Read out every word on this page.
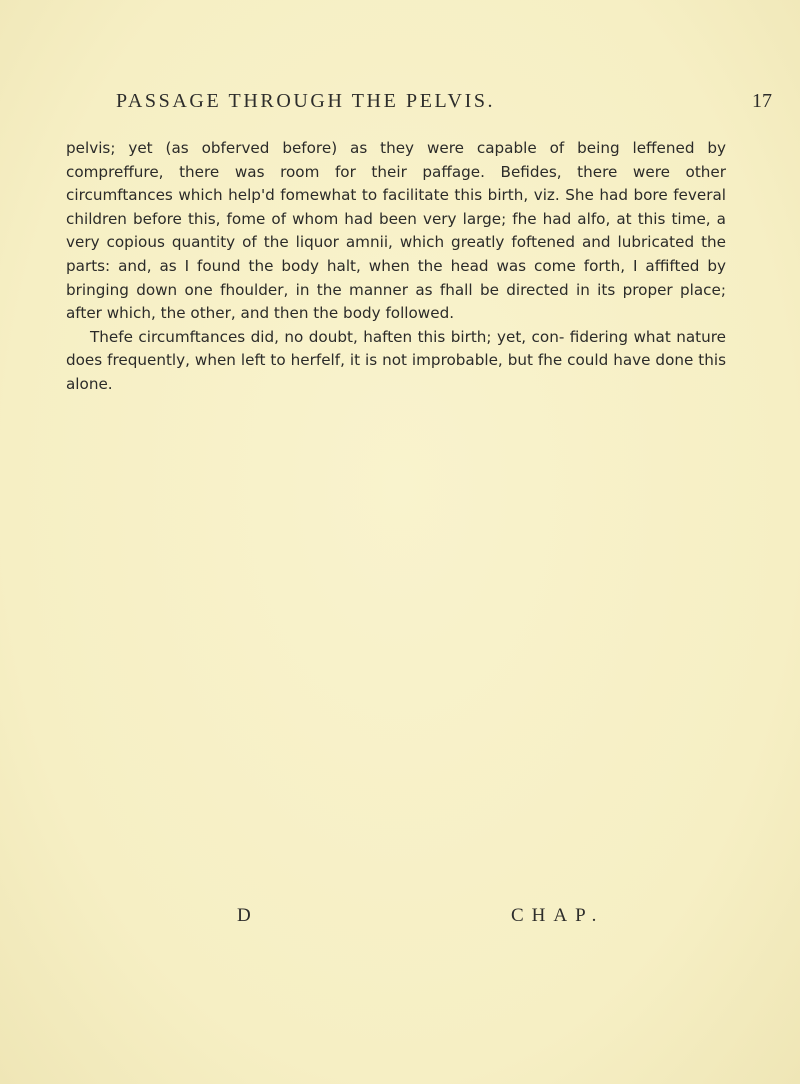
PASSAGE THROUGH THE PELVIS.	17

pelvis; yet (as obferved before) as they were capable of being leffened by compreffure, there was room for their paffage. Befides, there were other circumftances which help'd fomewhat to facilitate this birth, viz. She had bore feveral children before this, fome of whom had been very large; fhe had alfo, at this time, a very copious quantity of the liquor amnii, which greatly foftened and lubricated the parts: and, as I found the body halt, when the head was come forth, I affifted by bringing down one fhoulder, in the manner as fhall be directed in its proper place; after which, the other, and then the body followed.

Thefe circumftances did, no doubt, haften this birth; yet, con- fidering what nature does frequently, when left to herfelf, it is not improbable, but fhe could have done this alone.

D	CHAP.
